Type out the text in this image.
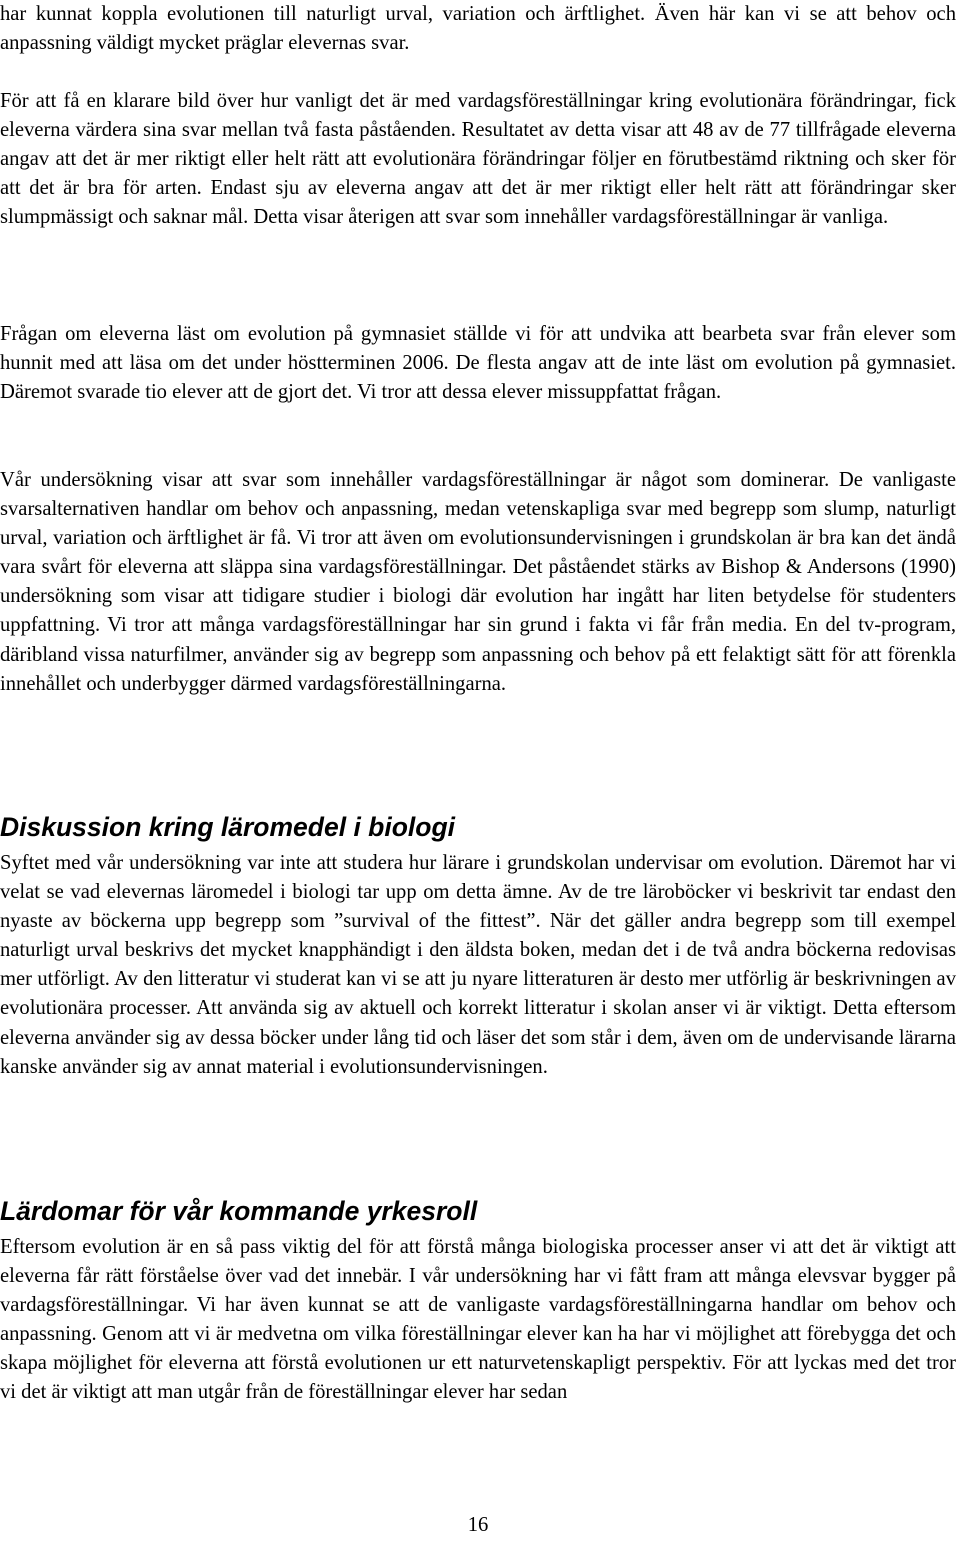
har kunnat koppla evolutionen till naturligt urval, variation och ärftlighet. Även här kan vi se att behov och anpassning väldigt mycket präglar elevernas svar.

För att få en klarare bild över hur vanligt det är med vardagsföreställningar kring evolutionära förändringar, fick eleverna värdera sina svar mellan två fasta påståenden. Resultatet av detta visar att 48 av de 77 tillfrågade eleverna angav att det är mer riktigt eller helt rätt att evolutionära förändringar följer en förutbestämd riktning och sker för att det är bra för arten. Endast sju av eleverna angav att det är mer riktigt eller helt rätt att förändringar sker slumpmässigt och saknar mål. Detta visar återigen att svar som innehåller vardagsföreställningar är vanliga.

Frågan om eleverna läst om evolution på gymnasiet ställde vi för att undvika att bearbeta svar från elever som hunnit med att läsa om det under höstterminen 2006. De flesta angav att de inte läst om evolution på gymnasiet. Däremot svarade tio elever att de gjort det. Vi tror att dessa elever missuppfattat frågan.

Vår undersökning visar att svar som innehåller vardagsföreställningar är något som dominerar. De vanligaste svarsalternativen handlar om behov och anpassning, medan vetenskapliga svar med begrepp som slump, naturligt urval, variation och ärftlighet är få. Vi tror att även om evolutionsundervisningen i grundskolan är bra kan det ändå vara svårt för eleverna att släppa sina vardagsföreställningar. Det påståendet stärks av Bishop & Andersons (1990) undersökning som visar att tidigare studier i biologi där evolution har ingått har liten betydelse för studenters uppfattning. Vi tror att många vardagsföreställningar har sin grund i fakta vi får från media. En del tv-program, däribland vissa naturfilmer, använder sig av begrepp som anpassning och behov på ett felaktigt sätt för att förenkla innehållet och underbygger därmed vardagsföreställningarna.

Diskussion kring läromedel i biologi

Syftet med vår undersökning var inte att studera hur lärare i grundskolan undervisar om evolution. Däremot har vi velat se vad elevernas läromedel i biologi tar upp om detta ämne. Av de tre läroböcker vi beskrivit tar endast den nyaste av böckerna upp begrepp som ”survival of the fittest”. När det gäller andra begrepp som till exempel naturligt urval beskrivs det mycket knapphändigt i den äldsta boken, medan det i de två andra böckerna redovisas mer utförligt. Av den litteratur vi studerat kan vi se att ju nyare litteraturen är desto mer utförlig är beskrivningen av evolutionära processer. Att använda sig av aktuell och korrekt litteratur i skolan anser vi är viktigt. Detta eftersom eleverna använder sig av dessa böcker under lång tid och läser det som står i dem, även om de undervisande lärarna kanske använder sig av annat material i evolutionsundervisningen.

Lärdomar för vår kommande yrkesroll

Eftersom evolution är en så pass viktig del för att förstå många biologiska processer anser vi att det är viktigt att eleverna får rätt förståelse över vad det innebär. I vår undersökning har vi fått fram att många elevsvar bygger på vardagsföreställningar. Vi har även kunnat se att de vanligaste vardagsföreställningarna handlar om behov och anpassning. Genom att vi är medvetna om vilka föreställningar elever kan ha har vi möjlighet att förebygga det och skapa möjlighet för eleverna att förstå evolutionen ur ett naturvetenskapligt perspektiv. För att lyckas med det tror vi det är viktigt att man utgår från de föreställningar elever har sedan

16
